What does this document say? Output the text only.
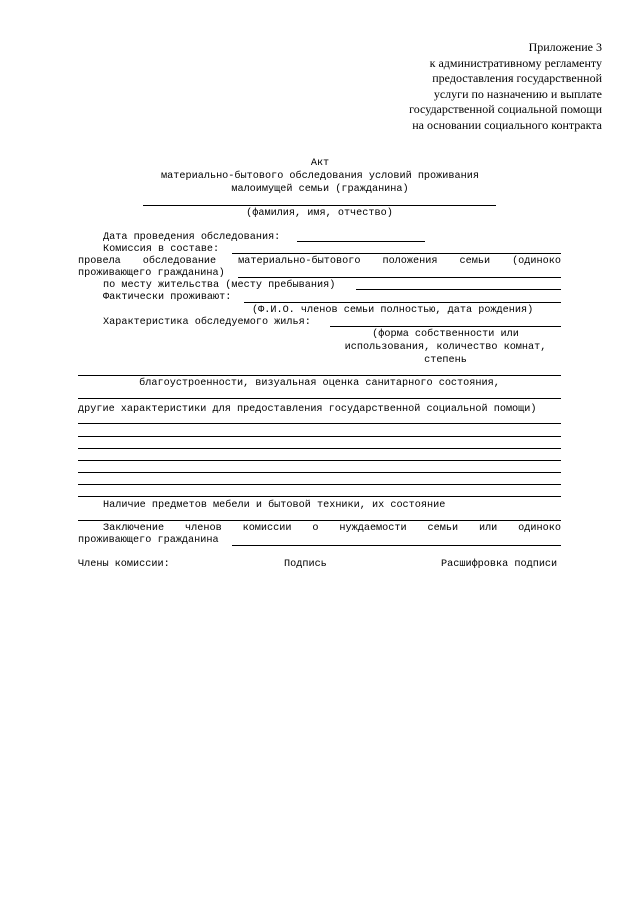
Приложение 3
к административному регламенту
предоставления государственной
услуги по назначению и выплате
государственной социальной помощи
на основании социального контракта
Акт
материально-бытового обследования условий проживания
малоимущей семьи (гражданина)
(фамилия, имя, отчество)
Дата проведения обследования:
Комиссия в составе:
провела обследование материально-бытового положения семьи (одиноко
проживающего гражданина)
по месту жительства (месту пребывания)
Фактически проживают:
(Ф.И.О. членов семьи полностью, дата рождения)
Характеристика обследуемого жилья:
(форма собственности или
использования, количество комнат,
степень
благоустроенности, визуальная оценка санитарного состояния,
другие характеристики для предоставления государственной социальной помощи)
Наличие предметов мебели и бытовой техники, их состояние
Заключение членов комиссии о нуждаемости семьи или одиноко
проживающего гражданина
Члены комиссии:	Подпись	Расшифровка подписи
